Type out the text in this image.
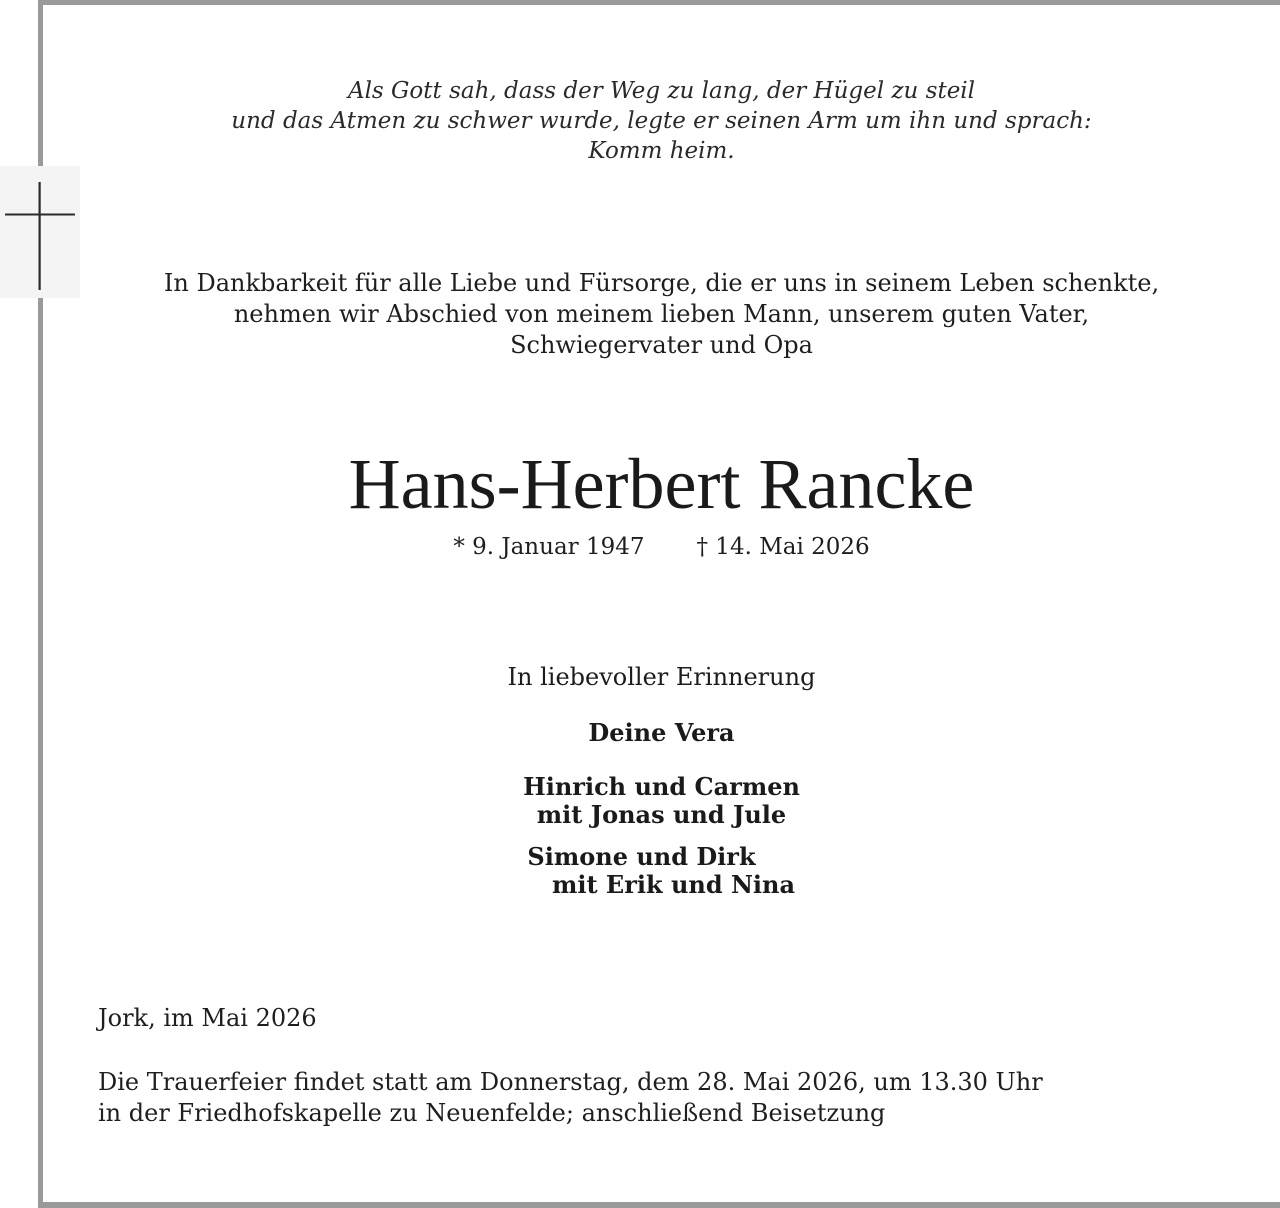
Als Gott sah, dass der Weg zu lang, der Hügel zu steil
und das Atmen zu schwer wurde, legte er seinen Arm um ihn und sprach:
Komm heim.
In Dankbarkeit für alle Liebe und Fürsorge, die er uns in seinem Leben schenkte,
nehmen wir Abschied von meinem lieben Mann, unserem guten Vater,
Schwiegervater und Opa
Hans-Herbert Rancke
* 9. Januar 1947 † 14. Mai 2026
In liebevoller Erinnerung
Deine Vera
Hinrich und Carmen
mit Jonas und Jule
Simone und Dirk
mit Erik und Nina
Jork, im Mai 2026
Die Trauerfeier findet statt am Donnerstag, dem 28. Mai 2026, um 13.30 Uhr
in der Friedhofskapelle zu Neuenfelde; anschließend Beisetzung
